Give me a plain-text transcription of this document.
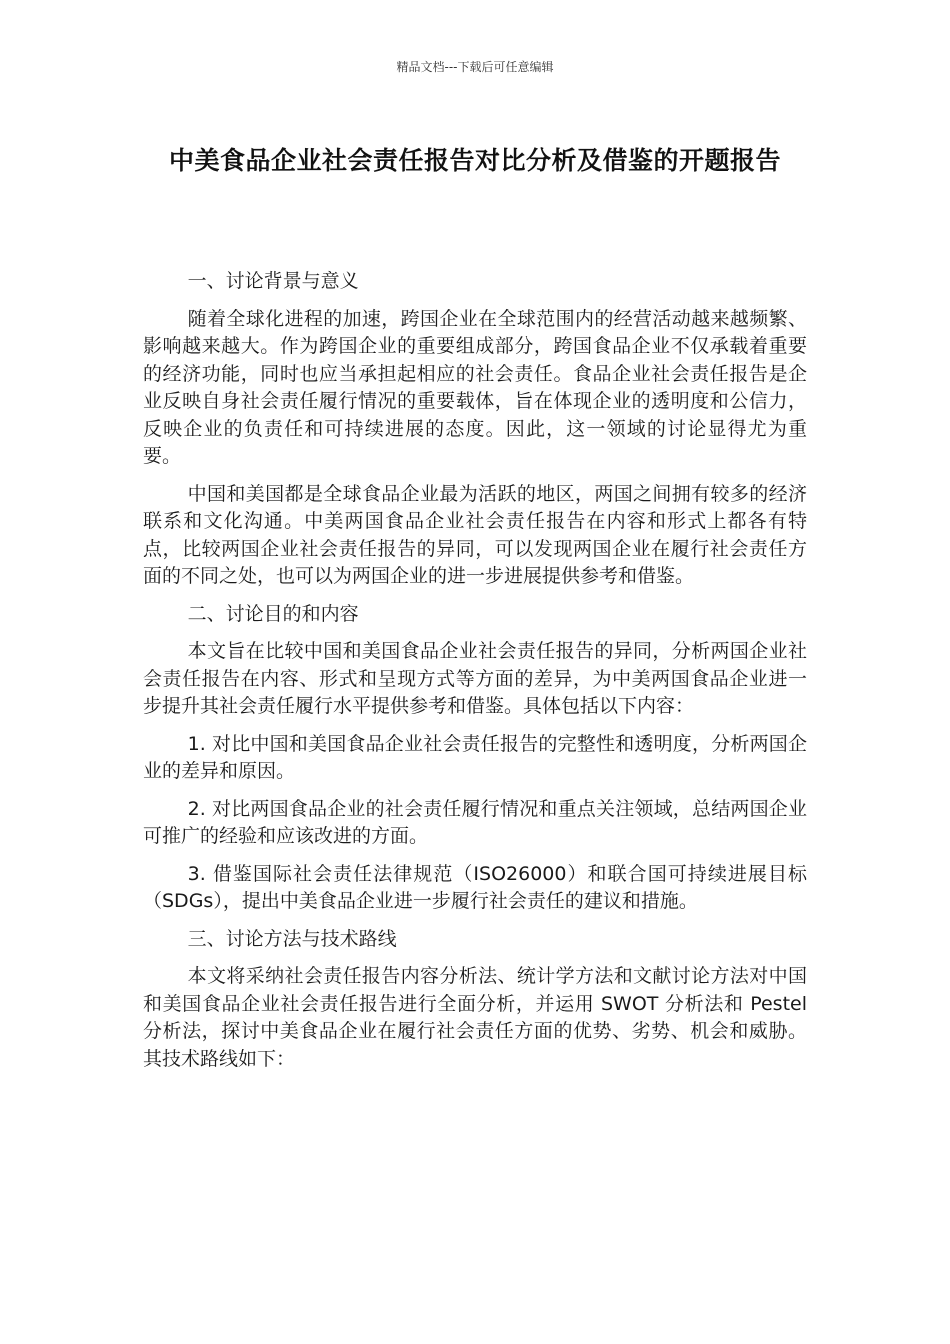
精品文档---下载后可任意编辑
中美食品企业社会责任报告对比分析及借鉴的开题报告

一、讨论背景与意义

随着全球化进程的加速，跨国企业在全球范围内的经营活动越来越频繁、影响越来越大。作为跨国企业的重要组成部分，跨国食品企业不仅承载着重要的经济功能，同时也应当承担起相应的社会责任。食品企业社会责任报告是企业反映自身社会责任履行情况的重要载体，旨在体现企业的透明度和公信力，反映企业的负责任和可持续进展的态度。因此，这一领域的讨论显得尤为重要。

中国和美国都是全球食品企业最为活跃的地区，两国之间拥有较多的经济联系和文化沟通。中美两国食品企业社会责任报告在内容和形式上都各有特点，比较两国企业社会责任报告的异同，可以发现两国企业在履行社会责任方面的不同之处，也可以为两国企业的进一步进展提供参考和借鉴。

二、讨论目的和内容

本文旨在比较中国和美国食品企业社会责任报告的异同，分析两国企业社会责任报告在内容、形式和呈现方式等方面的差异，为中美两国食品企业进一步提升其社会责任履行水平提供参考和借鉴。具体包括以下内容：

1. 对比中国和美国食品企业社会责任报告的完整性和透明度，分析两国企业的差异和原因。

2. 对比两国食品企业的社会责任履行情况和重点关注领域，总结两国企业可推广的经验和应该改进的方面。

3. 借鉴国际社会责任法律规范（ISO26000）和联合国可持续进展目标（SDGs），提出中美食品企业进一步履行社会责任的建议和措施。

三、讨论方法与技术路线

本文将采纳社会责任报告内容分析法、统计学方法和文献讨论方法对中国和美国食品企业社会责任报告进行全面分析，并运用 SWOT 分析法和 Pestel 分析法，探讨中美食品企业在履行社会责任方面的优势、劣势、机会和威胁。其技术路线如下：
